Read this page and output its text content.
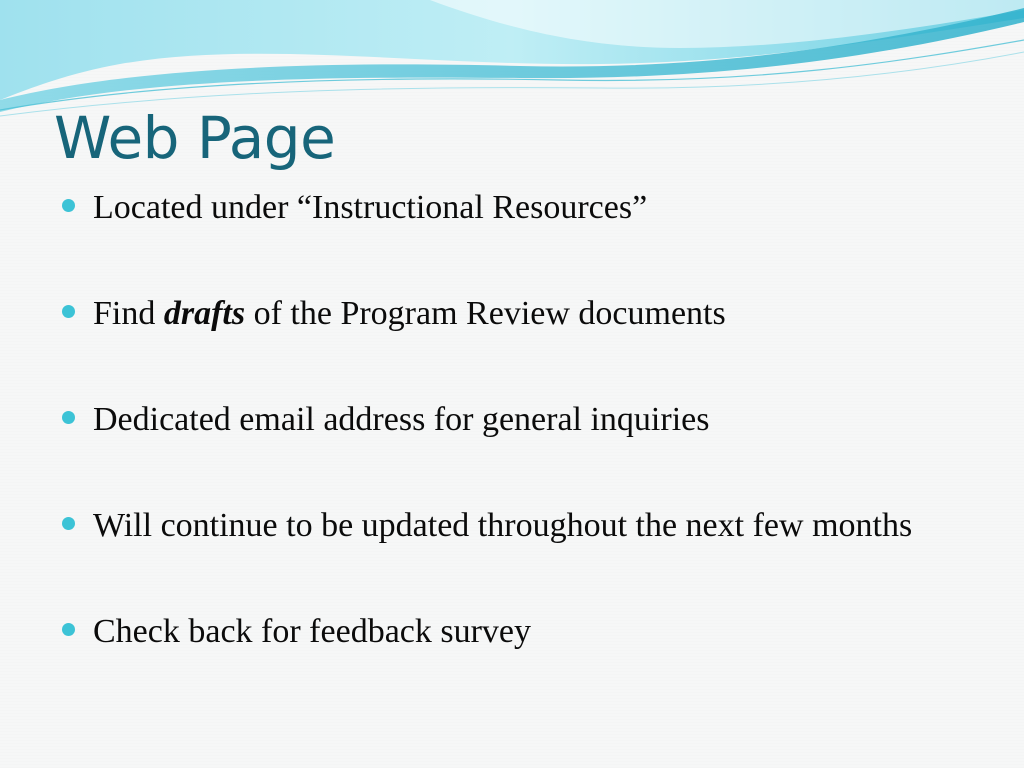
Web Page
Located under “Instructional Resources”
Find drafts of the Program Review documents
Dedicated email address for general inquiries
Will continue to be updated throughout the next few months
Check back for feedback survey
